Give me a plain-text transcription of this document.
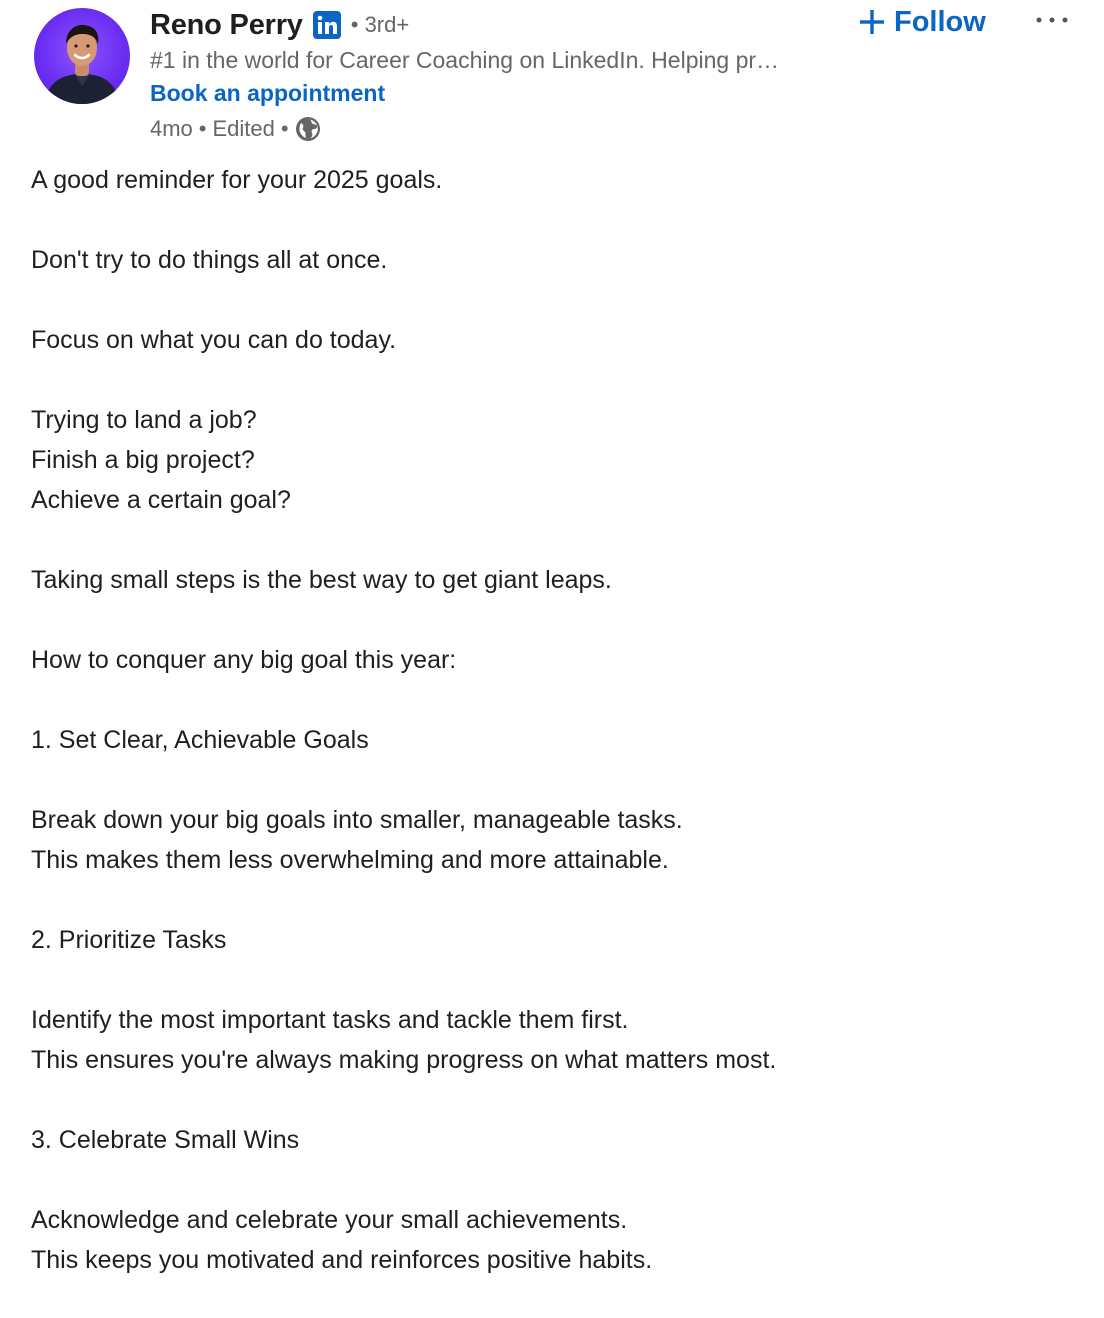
Reno Perry • 3rd+
#1 in the world for Career Coaching on LinkedIn. Helping pr…
Book an appointment
4mo • Edited •
Follow

A good reminder for your 2025 goals.

Don't try to do things all at once.

Focus on what you can do today.

Trying to land a job?
Finish a big project?
Achieve a certain goal?

Taking small steps is the best way to get giant leaps.

How to conquer any big goal this year:

1. Set Clear, Achievable Goals

Break down your big goals into smaller, manageable tasks.
This makes them less overwhelming and more attainable.

2. Prioritize Tasks

Identify the most important tasks and tackle them first.
This ensures you're always making progress on what matters most.

3. Celebrate Small Wins

Acknowledge and celebrate your small achievements.
This keeps you motivated and reinforces positive habits.
